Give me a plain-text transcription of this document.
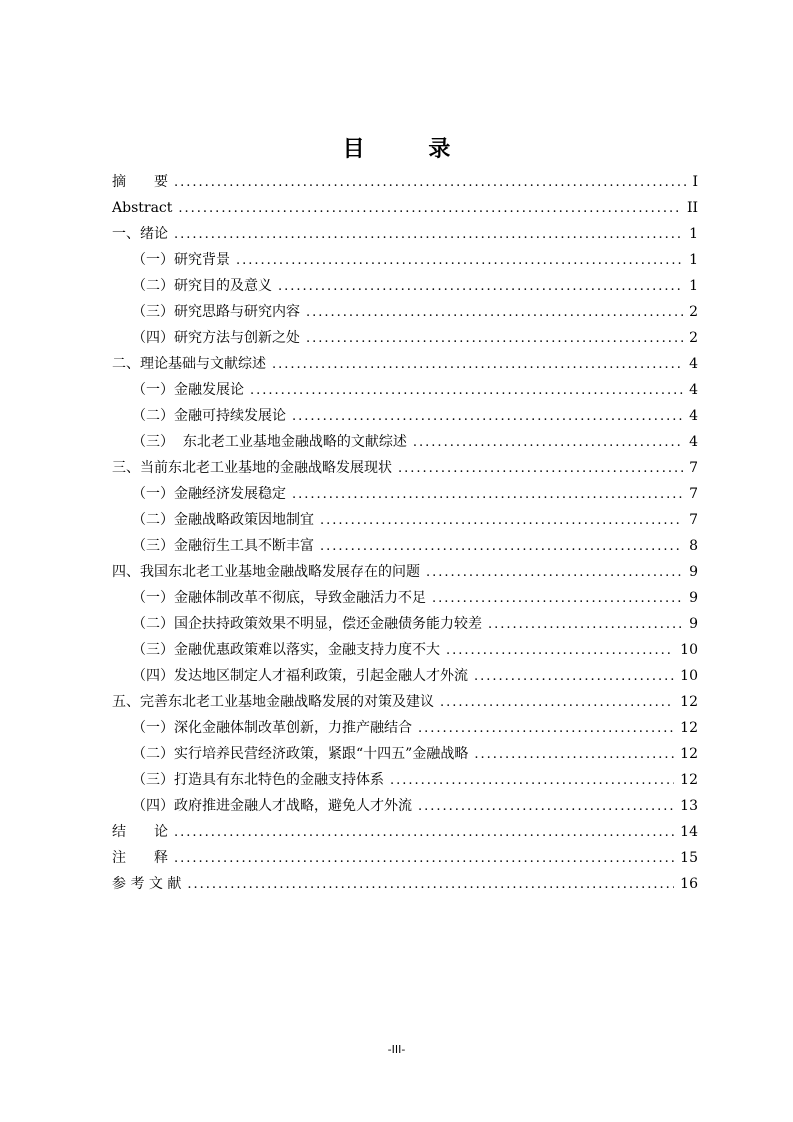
目 录
摘　　要 .....	I
Abstract .....	II
一、绪论 .....	1
（一）研究背景 .....	1
（二）研究目的及意义 .....	1
（三）研究思路与研究内容 .....	2
（四）研究方法与创新之处 .....	2
二、理论基础与文献综述 .....	4
（一）金融发展论 .....	4
（二）金融可持续发展论 .....	4
（三）  东北老工业基地金融战略的文献综述 .....	4
三、当前东北老工业基地的金融战略发展现状 .....	7
（一）金融经济发展稳定 .....	7
（二）金融战略政策因地制宜 .....	7
（三）金融衍生工具不断丰富 .....	8
四、我国东北老工业基地金融战略发展存在的问题 .....	9
（一）金融体制改革不彻底，导致金融活力不足 .....	9
（二）国企扶持政策效果不明显，偿还金融债务能力较差 .....	9
（三）金融优惠政策难以落实，金融支持力度不大 .....	10
（四）发达地区制定人才福利政策，引起金融人才外流 .....	10
五、完善东北老工业基地金融战略发展的对策及建议 .....	12
（一）深化金融体制改革创新，力推产融结合 .....	12
（二）实行培养民营经济政策，紧跟“十四五”金融战略 .....	12
（三）打造具有东北特色的金融支持体系 .....	12
（四）政府推进金融人才战略，避免人才外流 .....	13
结　　论 .....	14
注　　释 .....	15
参 考 文 献 .....	16
-III-
